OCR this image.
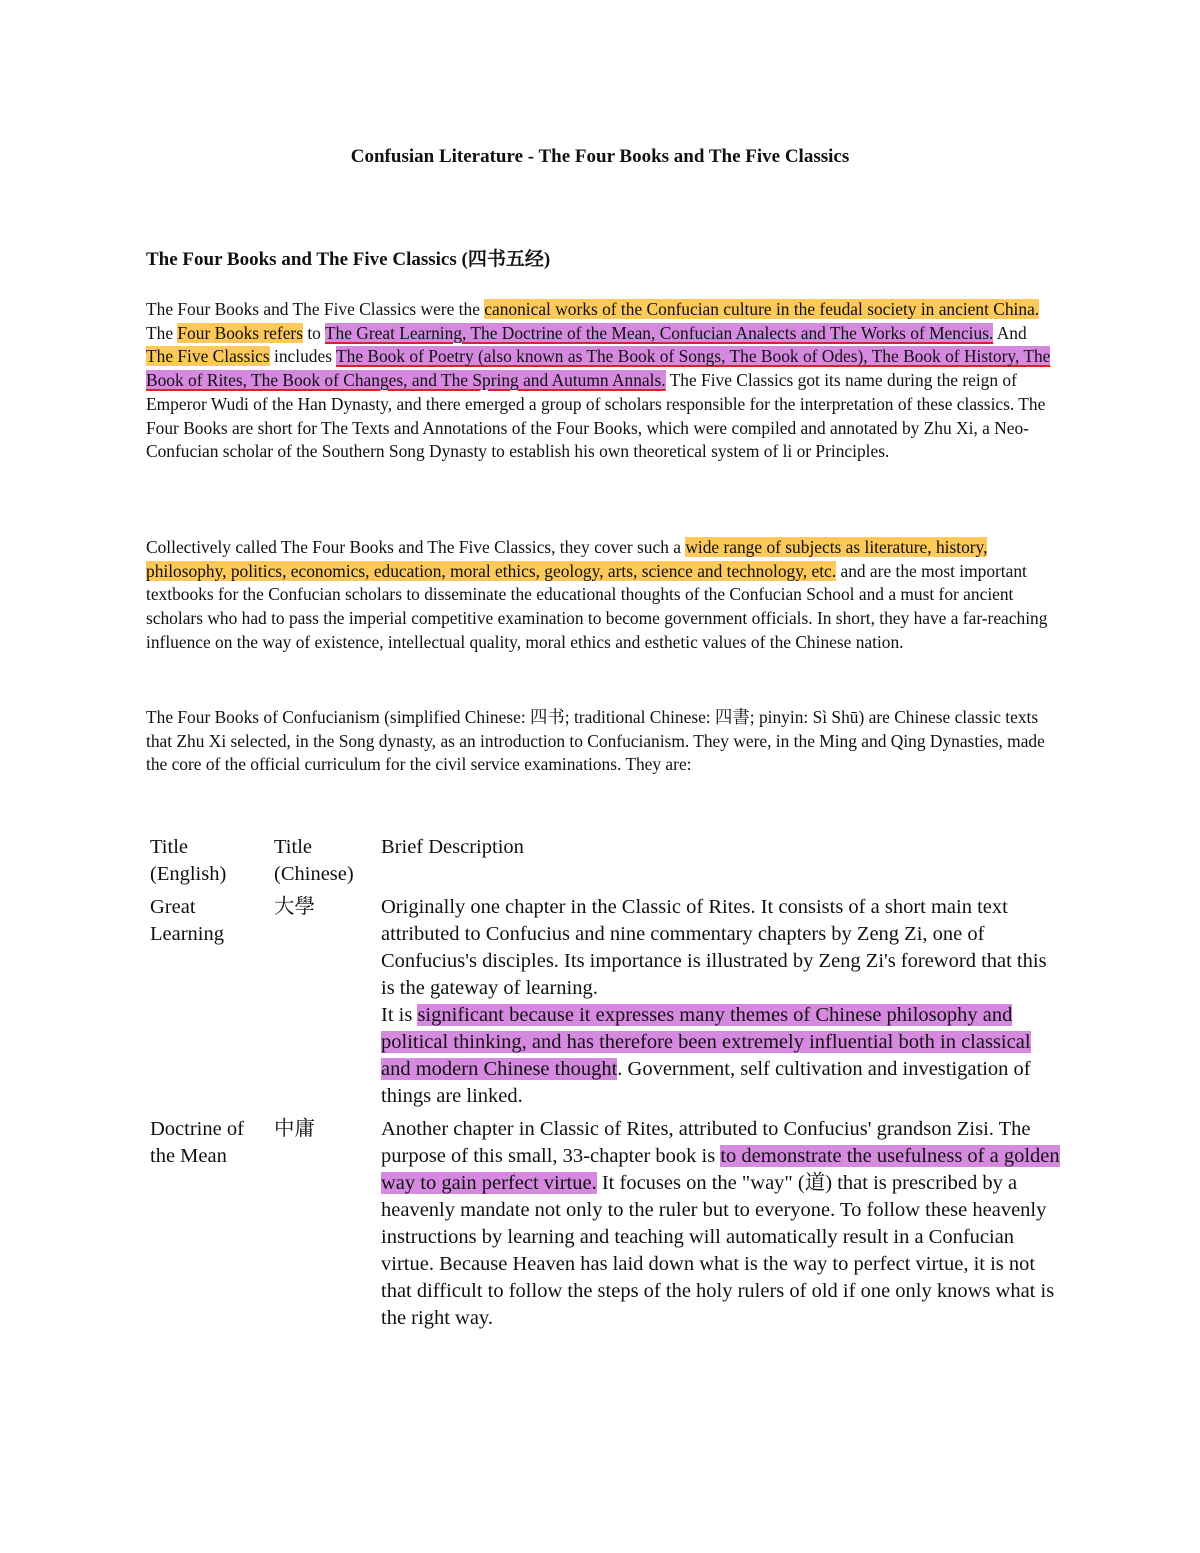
Confusian Literature - The Four Books and The Five Classics
The Four Books and The Five Classics (四书五经)
The Four Books and The Five Classics were the canonical works of the Confucian culture in the feudal society in ancient China. The Four Books refers to The Great Learning, The Doctrine of the Mean, Confucian Analects and The Works of Mencius. And The Five Classics includes The Book of Poetry (also known as The Book of Songs, The Book of Odes), The Book of History, The Book of Rites, The Book of Changes, and The Spring and Autumn Annals. The Five Classics got its name during the reign of Emperor Wudi of the Han Dynasty, and there emerged a group of scholars responsible for the interpretation of these classics. The Four Books are short for The Texts and Annotations of the Four Books, which were compiled and annotated by Zhu Xi, a Neo-Confucian scholar of the Southern Song Dynasty to establish his own theoretical system of li or Principles.
Collectively called The Four Books and The Five Classics, they cover such a wide range of subjects as literature, history, philosophy, politics, economics, education, moral ethics, geology, arts, science and technology, etc. and are the most important textbooks for the Confucian scholars to disseminate the educational thoughts of the Confucian School and a must for ancient scholars who had to pass the imperial competitive examination to become government officials. In short, they have a far-reaching influence on the way of existence, intellectual quality, moral ethics and esthetic values of the Chinese nation.
The Four Books of Confucianism (simplified Chinese: 四书; traditional Chinese: 四書; pinyin: Sì Shū) are Chinese classic texts that Zhu Xi selected, in the Song dynasty, as an introduction to Confucianism. They were, in the Ming and Qing Dynasties, made the core of the official curriculum for the civil service examinations. They are:
Title (English)	Title (Chinese)	Brief Description
Great Learning	大學	Originally one chapter in the Classic of Rites. It consists of a short main text attributed to Confucius and nine commentary chapters by Zeng Zi, one of Confucius's disciples. Its importance is illustrated by Zeng Zi's foreword that this is the gateway of learning.
It is significant because it expresses many themes of Chinese philosophy and political thinking, and has therefore been extremely influential both in classical and modern Chinese thought. Government, self cultivation and investigation of things are linked.
Doctrine of the Mean	中庸	Another chapter in Classic of Rites, attributed to Confucius' grandson Zisi. The purpose of this small, 33-chapter book is to demonstrate the usefulness of a golden way to gain perfect virtue. It focuses on the "way" (道) that is prescribed by a heavenly mandate not only to the ruler but to everyone. To follow these heavenly instructions by learning and teaching will automatically result in a Confucian virtue. Because Heaven has laid down what is the way to perfect virtue, it is not that difficult to follow the steps of the holy rulers of old if one only knows what is the right way.
